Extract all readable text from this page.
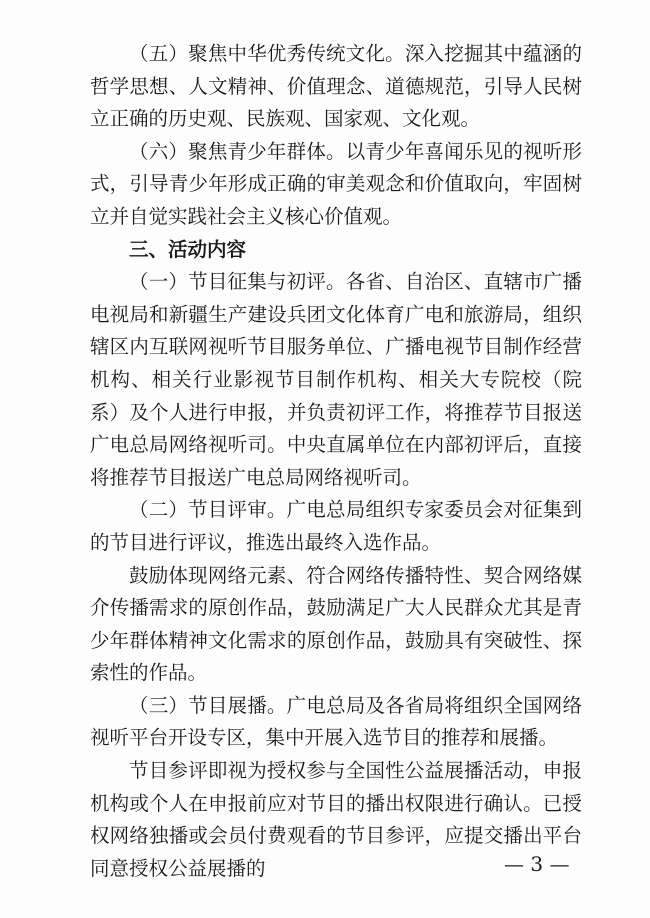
（五）聚焦中华优秀传统文化。深入挖掘其中蕴涵的哲学思想、人文精神、价值理念、道德规范，引导人民树立正确的历史观、民族观、国家观、文化观。

（六）聚焦青少年群体。以青少年喜闻乐见的视听形式，引导青少年形成正确的审美观念和价值取向，牢固树立并自觉实践社会主义核心价值观。

三、活动内容

（一）节目征集与初评。各省、自治区、直辖市广播电视局和新疆生产建设兵团文化体育广电和旅游局，组织辖区内互联网视听节目服务单位、广播电视节目制作经营机构、相关行业影视节目制作机构、相关大专院校（院系）及个人进行申报，并负责初评工作，将推荐节目报送广电总局网络视听司。中央直属单位在内部初评后，直接将推荐节目报送广电总局网络视听司。

（二）节目评审。广电总局组织专家委员会对征集到的节目进行评议，推选出最终入选作品。

鼓励体现网络元素、符合网络传播特性、契合网络媒介传播需求的原创作品，鼓励满足广大人民群众尤其是青少年群体精神文化需求的原创作品，鼓励具有突破性、探索性的作品。

（三）节目展播。广电总局及各省局将组织全国网络视听平台开设专区，集中开展入选节目的推荐和展播。

节目参评即视为授权参与全国性公益展播活动，申报机构或个人在申报前应对节目的播出权限进行确认。已授权网络独播或会员付费观看的节目参评，应提交播出平台同意授权公益展播的	— 3 —
